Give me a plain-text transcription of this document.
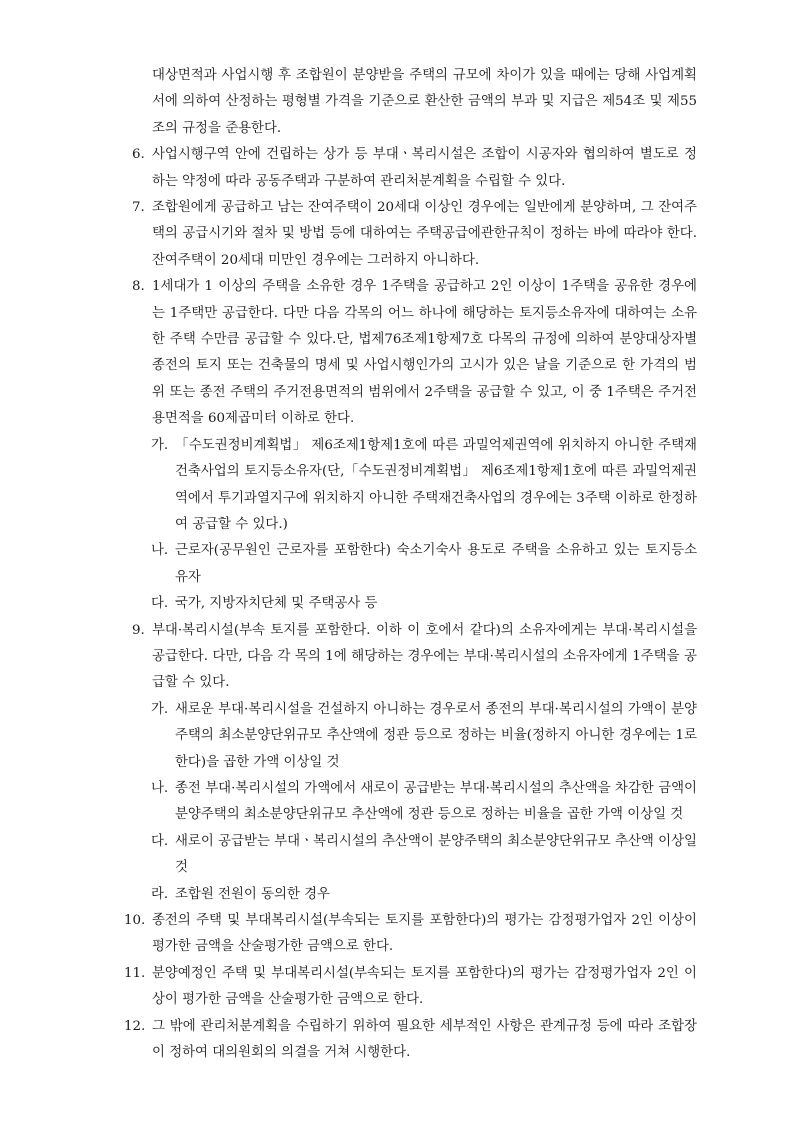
대상면적과 사업시행 후 조합원이 분양받을 주택의 규모에 차이가 있을 때에는 당해 사업계획서에 의하여 산정하는 평형별 가격을 기준으로 환산한 금액의 부과 및 지급은 제54조 및 제55조의 규정을 준용한다.
6. 사업시행구역 안에 건립하는 상가 등 부대ㆍ복리시설은 조합이 시공자와 협의하여 별도로 정하는 약정에 따라 공동주택과 구분하여 관리처분계획을 수립할 수 있다.
7. 조합원에게 공급하고 남는 잔여주택이 20세대 이상인 경우에는 일반에게 분양하며, 그 잔여주택의 공급시기와 절차 및 방법 등에 대하여는 주택공급에관한규칙이 정하는 바에 따라야 한다. 잔여주택이 20세대 미만인 경우에는 그러하지 아니하다.
8. 1세대가 1 이상의 주택을 소유한 경우 1주택을 공급하고 2인 이상이 1주택을 공유한 경우에는 1주택만 공급한다. 다만 다음 각목의 어느 하나에 해당하는 토지등소유자에 대하여는 소유한 주택 수만큼 공급할 수 있다.단, 법제76조제1항제7호 다목의 규정에 의하여 분양대상자별 종전의 토지 또는 건축물의 명세 및 사업시행인가의 고시가 있은 날을 기준으로 한 가격의 범위 또는 종전 주택의 주거전용면적의 범위에서 2주택을 공급할 수 있고, 이 중 1주택은 주거전용면적을 60제곱미터 이하로 한다.
가. 「수도권정비계획법」 제6조제1항제1호에 따른 과밀억제권역에 위치하지 아니한 주택재건축사업의 토지등소유자(단,「수도권정비계획법」 제6조제1항제1호에 따른 과밀억제권역에서 투기과열지구에 위치하지 아니한 주택재건축사업의 경우에는 3주택 이하로 한정하여 공급할 수 있다.)
나. 근로자(공무원인 근로자를 포함한다) 숙소기숙사 용도로 주택을 소유하고 있는 토지등소유자
다. 국가, 지방자치단체 및 주택공사 등
9. 부대·복리시설(부속 토지를 포함한다. 이하 이 호에서 같다)의 소유자에게는 부대·복리시설을 공급한다. 다만, 다음 각 목의 1에 해당하는 경우에는 부대·복리시설의 소유자에게 1주택을 공급할 수 있다.
가. 새로운 부대·복리시설을 건설하지 아니하는 경우로서 종전의 부대·복리시설의 가액이 분양주택의 최소분양단위규모 추산액에 정관 등으로 정하는 비율(정하지 아니한 경우에는 1로 한다)을 곱한 가액 이상일 것
나. 종전 부대·복리시설의 가액에서 새로이 공급받는 부대·복리시설의 추산액을 차감한 금액이 분양주택의 최소분양단위규모 추산액에 정관 등으로 정하는 비율을 곱한 가액 이상일 것
다. 새로이 공급받는 부대ㆍ복리시설의 추산액이 분양주택의 최소분양단위규모 추산액 이상일 것
라. 조합원 전원이 동의한 경우
10. 종전의 주택 및 부대복리시설(부속되는 토지를 포함한다)의 평가는 감정평가업자 2인 이상이 평가한 금액을 산술평가한 금액으로 한다.
11. 분양예정인 주택 및 부대복리시설(부속되는 토지를 포함한다)의 평가는 감정평가업자 2인 이상이 평가한 금액을 산술평가한 금액으로 한다.
12. 그 밖에 관리처분계획을 수립하기 위하여 필요한 세부적인 사항은 관계규정 등에 따라 조합장이 정하여 대의원회의 의결을 거쳐 시행한다.
